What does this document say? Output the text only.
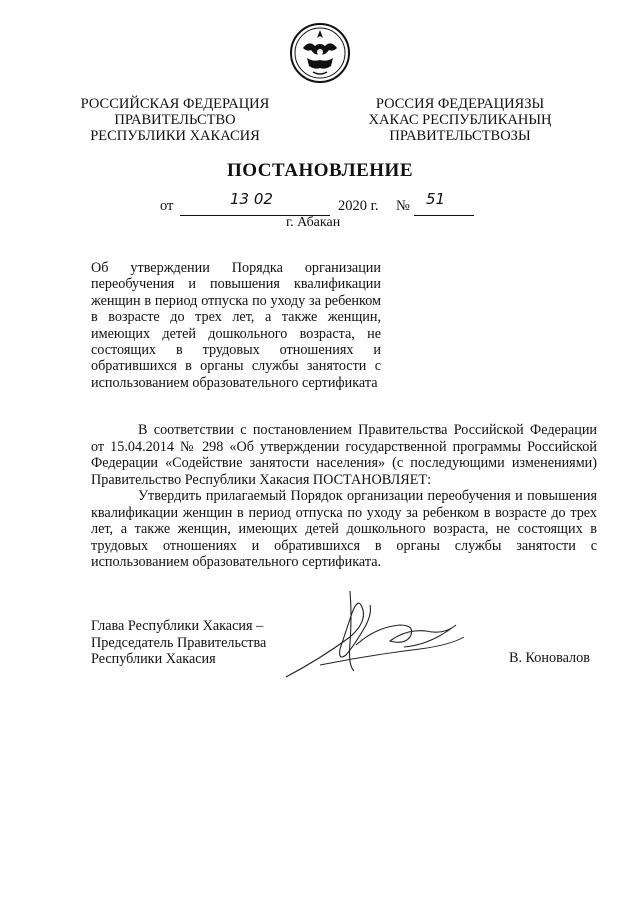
РОССИЙСКАЯ ФЕДЕРАЦИЯ
ПРАВИТЕЛЬСТВО
РЕСПУБЛИКИ ХАКАСИЯ
РОССИЯ ФЕДЕРАЦИЯЗЫ
ХАКАС РЕСПУБЛИКАНЫҢ
ПРАВИТЕЛЬСТВОЗЫ
ПОСТАНОВЛЕНИЕ
от	13 02	2020 г. № 51
г. Абакан
Об утверждении Порядка организации
переобучения и повышения квалификации
женщин в период отпуска по уходу за ребенком
в возрасте до трех лет, а также женщин,
имеющих детей дошкольного возраста, не
состоящих в трудовых отношениях и
обратившихся в органы службы занятости с
использованием образовательного сертификата
В соответствии с постановлением Правительства Российской Федерации
от 15.04.2014 № 298 «Об утверждении государственной программы Российской
Федерации «Содействие занятости населения» (с последующими изменениями)
Правительство Республики Хакасия ПОСТАНОВЛЯЕТ:
Утвердить прилагаемый Порядок организации переобучения и повышения
квалификации женщин в период отпуска по уходу за ребенком в возрасте до трех
лет, а также женщин, имеющих детей дошкольного возраста, не состоящих в
трудовых отношениях и обратившихся в органы службы занятости с
использованием образовательного сертификата.
Глава Республики Хакасия –
Председатель Правительства
Республики Хакасия	В. Коновалов
